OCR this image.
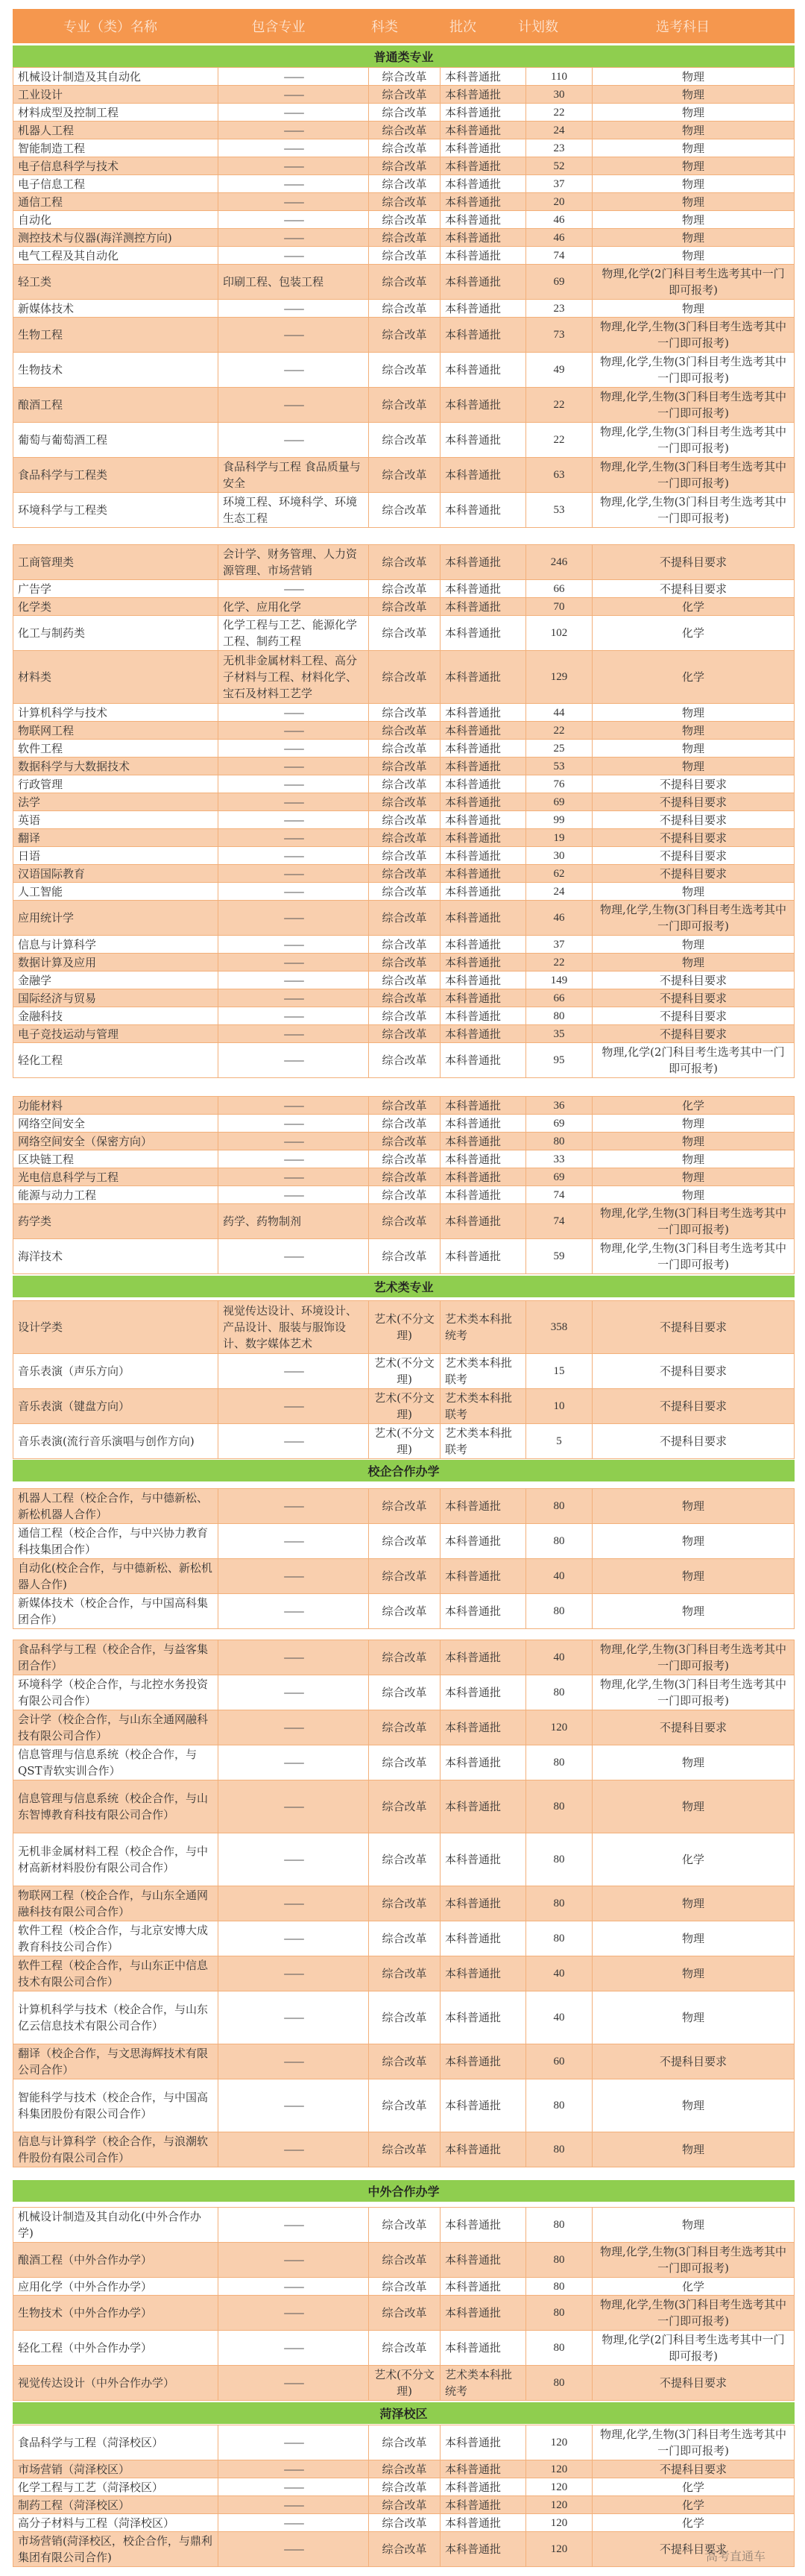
专业（类）名称	包含专业	科类	批次	计划数	选考科目
普通类专业
机械设计制造及其自动化	——	综合改革	本科普通批	110	物理
工业设计	——	综合改革	本科普通批	30	物理
材料成型及控制工程	——	综合改革	本科普通批	22	物理
机器人工程	——	综合改革	本科普通批	24	物理
智能制造工程	——	综合改革	本科普通批	23	物理
电子信息科学与技术	——	综合改革	本科普通批	52	物理
电子信息工程	——	综合改革	本科普通批	37	物理
通信工程	——	综合改革	本科普通批	20	物理
自动化	——	综合改革	本科普通批	46	物理
测控技术与仪器(海洋测控方向)	——	综合改革	本科普通批	46	物理
电气工程及其自动化	——	综合改革	本科普通批	74	物理
轻工类	印刷工程、包装工程	综合改革	本科普通批	69	物理,化学(2门科目考生选考其中一门即可报考)
新媒体技术	——	综合改革	本科普通批	23	物理
生物工程	——	综合改革	本科普通批	73	物理,化学,生物(3门科目考生选考其中一门即可报考)
生物技术	——	综合改革	本科普通批	49	物理,化学,生物(3门科目考生选考其中一门即可报考)
酿酒工程	——	综合改革	本科普通批	22	物理,化学,生物(3门科目考生选考其中一门即可报考)
葡萄与葡萄酒工程	——	综合改革	本科普通批	22	物理,化学,生物(3门科目考生选考其中一门即可报考)
食品科学与工程类	食品科学与工程 食品质量与安全	综合改革	本科普通批	63	物理,化学,生物(3门科目考生选考其中一门即可报考)
环境科学与工程类	环境工程、环境科学、环境生态工程	综合改革	本科普通批	53	物理,化学,生物(3门科目考生选考其中一门即可报考)
工商管理类	会计学、财务管理、人力资源管理、市场营销	综合改革	本科普通批	246	不提科目要求
广告学	——	综合改革	本科普通批	66	不提科目要求
化学类	化学、应用化学	综合改革	本科普通批	70	化学
化工与制药类	化学工程与工艺、能源化学工程、制药工程	综合改革	本科普通批	102	化学
材料类	无机非金属材料工程、高分子材料与工程、材料化学、宝石及材料工艺学	综合改革	本科普通批	129	化学
计算机科学与技术	——	综合改革	本科普通批	44	物理
物联网工程	——	综合改革	本科普通批	22	物理
软件工程	——	综合改革	本科普通批	25	物理
数据科学与大数据技术	——	综合改革	本科普通批	53	物理
行政管理	——	综合改革	本科普通批	76	不提科目要求
法学	——	综合改革	本科普通批	69	不提科目要求
英语	——	综合改革	本科普通批	99	不提科目要求
翻译	——	综合改革	本科普通批	19	不提科目要求
日语	——	综合改革	本科普通批	30	不提科目要求
汉语国际教育	——	综合改革	本科普通批	62	不提科目要求
人工智能	——	综合改革	本科普通批	24	物理
应用统计学	——	综合改革	本科普通批	46	物理,化学,生物(3门科目考生选考其中一门即可报考)
信息与计算科学	——	综合改革	本科普通批	37	物理
数据计算及应用	——	综合改革	本科普通批	22	物理
金融学	——	综合改革	本科普通批	149	不提科目要求
国际经济与贸易	——	综合改革	本科普通批	66	不提科目要求
金融科技	——	综合改革	本科普通批	80	不提科目要求
电子竞技运动与管理	——	综合改革	本科普通批	35	不提科目要求
轻化工程	——	综合改革	本科普通批	95	物理,化学(2门科目考生选考其中一门即可报考)
功能材料	——	综合改革	本科普通批	36	化学
网络空间安全	——	综合改革	本科普通批	69	物理
网络空间安全（保密方向）	——	综合改革	本科普通批	80	物理
区块链工程	——	综合改革	本科普通批	33	物理
光电信息科学与工程	——	综合改革	本科普通批	69	物理
能源与动力工程	——	综合改革	本科普通批	74	物理
药学类	药学、药物制剂	综合改革	本科普通批	74	物理,化学,生物(3门科目考生选考其中一门即可报考)
海洋技术	——	综合改革	本科普通批	59	物理,化学,生物(3门科目考生选考其中一门即可报考)
艺术类专业
设计学类	视觉传达设计、环境设计、产品设计、服装与服饰设计、数字媒体艺术	艺术(不分文理)	艺术类本科批统考	358	不提科目要求
音乐表演（声乐方向）	——	艺术(不分文理)	艺术类本科批联考	15	不提科目要求
音乐表演（键盘方向）	——	艺术(不分文理)	艺术类本科批联考	10	不提科目要求
音乐表演(流行音乐演唱与创作方向)	——	艺术(不分文理)	艺术类本科批联考	5	不提科目要求
校企合作办学
机器人工程（校企合作，与中德新松、新松机器人合作）	——	综合改革	本科普通批	80	物理
通信工程（校企合作，与中兴协力教育科技集团合作）	——	综合改革	本科普通批	80	物理
自动化(校企合作，与中德新松、新松机器人合作)	——	综合改革	本科普通批	40	物理
新媒体技术（校企合作，与中国高科集团合作）	——	综合改革	本科普通批	80	物理
食品科学与工程（校企合作，与益客集团合作）	——	综合改革	本科普通批	40	物理,化学,生物(3门科目考生选考其中一门即可报考)
环境科学（校企合作，与北控水务投资有限公司合作）	——	综合改革	本科普通批	80	物理,化学,生物(3门科目考生选考其中一门即可报考)
会计学（校企合作，与山东全通网融科技有限公司合作）	——	综合改革	本科普通批	120	不提科目要求
信息管理与信息系统（校企合作，与QST青软实训合作）	——	综合改革	本科普通批	80	物理
信息管理与信息系统（校企合作，与山东智博教育科技有限公司合作）	——	综合改革	本科普通批	80	物理
无机非金属材料工程（校企合作，与中材高新材料股份有限公司合作）	——	综合改革	本科普通批	80	化学
物联网工程（校企合作，与山东全通网融科技有限公司合作）	——	综合改革	本科普通批	80	物理
软件工程（校企合作，与北京安博大成教育科技公司合作）	——	综合改革	本科普通批	80	物理
软件工程（校企合作，与山东正中信息技术有限公司合作）	——	综合改革	本科普通批	40	物理
计算机科学与技术（校企合作，与山东亿云信息技术有限公司合作）	——	综合改革	本科普通批	40	物理
翻译（校企合作，与文思海辉技术有限公司合作）	——	综合改革	本科普通批	60	不提科目要求
智能科学与技术（校企合作，与中国高科集团股份有限公司合作）	——	综合改革	本科普通批	80	物理
信息与计算科学（校企合作，与浪潮软件股份有限公司合作）	——	综合改革	本科普通批	80	物理
中外合作办学
机械设计制造及其自动化(中外合作办学)	——	综合改革	本科普通批	80	物理
酿酒工程（中外合作办学）	——	综合改革	本科普通批	80	物理,化学,生物(3门科目考生选考其中一门即可报考)
应用化学（中外合作办学）	——	综合改革	本科普通批	80	化学
生物技术（中外合作办学）	——	综合改革	本科普通批	80	物理,化学,生物(3门科目考生选考其中一门即可报考)
轻化工程（中外合作办学）	——	综合改革	本科普通批	80	物理,化学(2门科目考生选考其中一门即可报考)
视觉传达设计（中外合作办学）	——	艺术(不分文理)	艺术类本科批统考	80	不提科目要求
菏泽校区
食品科学与工程（菏泽校区）	——	综合改革	本科普通批	120	物理,化学,生物(3门科目考生选考其中一门即可报考)
市场营销（菏泽校区）	——	综合改革	本科普通批	120	不提科目要求
化学工程与工艺（菏泽校区）	——	综合改革	本科普通批	120	化学
制药工程（菏泽校区）	——	综合改革	本科普通批	120	化学
高分子材料与工程（菏泽校区）	——	综合改革	本科普通批	120	化学
市场营销(菏泽校区，校企合作，与鼎利集团有限公司合作)	——	综合改革	本科普通批	120	不提科目要求
高考直通车
